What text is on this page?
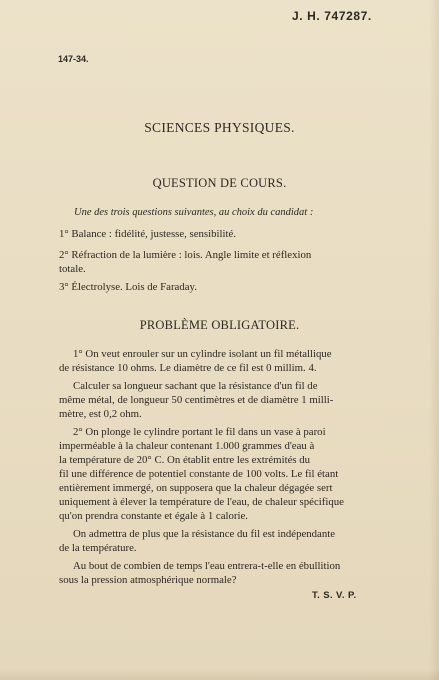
J. H. 747287.
147-34.
SCIENCES PHYSIQUES.
QUESTION DE COURS.
Une des trois questions suivantes, au choix du candidat :
1° Balance : fidélité, justesse, sensibilité.
2° Réfraction de la lumière : lois. Angle limite et réflexion
totale.
3° Électrolyse. Lois de Faraday.
PROBLÈME OBLIGATOIRE.
1° On veut enrouler sur un cylindre isolant un fil métallique
de résistance 10 ohms. Le diamètre de ce fil est 0 millim. 4.
Calculer sa longueur sachant que la résistance d'un fil de
même métal, de longueur 50 centimètres et de diamètre 1 milli-
mètre, est 0,2 ohm.
2° On plonge le cylindre portant le fil dans un vase à paroi
imperméable à la chaleur contenant 1.000 grammes d'eau à
la température de 20° C. On établit entre les extrémités du
fil une différence de potentiel constante de 100 volts. Le fil étant
entièrement immergé, on supposera que la chaleur dégagée sert
uniquement à élever la température de l'eau, de chaleur spécifique
qu'on prendra constante et égale à 1 calorie.
On admettra de plus que la résistance du fil est indépendante
de la température.
Au bout de combien de temps l'eau entrera-t-elle en ébullition
sous la pression atmosphérique normale?
T. S. V. P.
